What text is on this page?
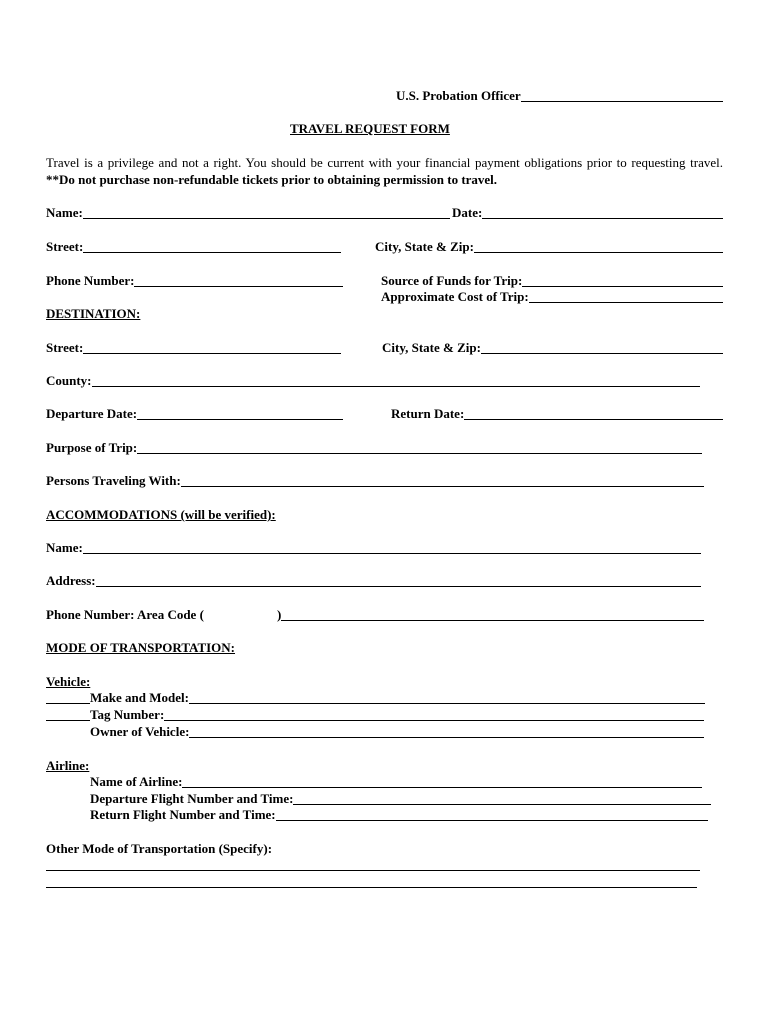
U.S. Probation Officer
TRAVEL REQUEST FORM
Travel is a privilege and not a right. You should be current with your financial payment obligations prior to requesting travel. **Do not purchase non-refundable tickets prior to obtaining permission to travel.
Name:	Date:
Street:	City, State & Zip:
Phone Number:	Source of Funds for Trip:
Approximate Cost of Trip:
DESTINATION:
Street:	City, State & Zip:
County:
Departure Date:	Return Date:
Purpose of Trip:
Persons Traveling With:
ACCOMMODATIONS (will be verified):
Name:
Address:
Phone Number: Area Code (	)
MODE OF TRANSPORTATION:
Vehicle:
Make and Model:
Tag Number:
Owner of Vehicle:
Airline:
Name of Airline:
Departure Flight Number and Time:
Return Flight Number and Time:
Other Mode of Transportation (Specify):
